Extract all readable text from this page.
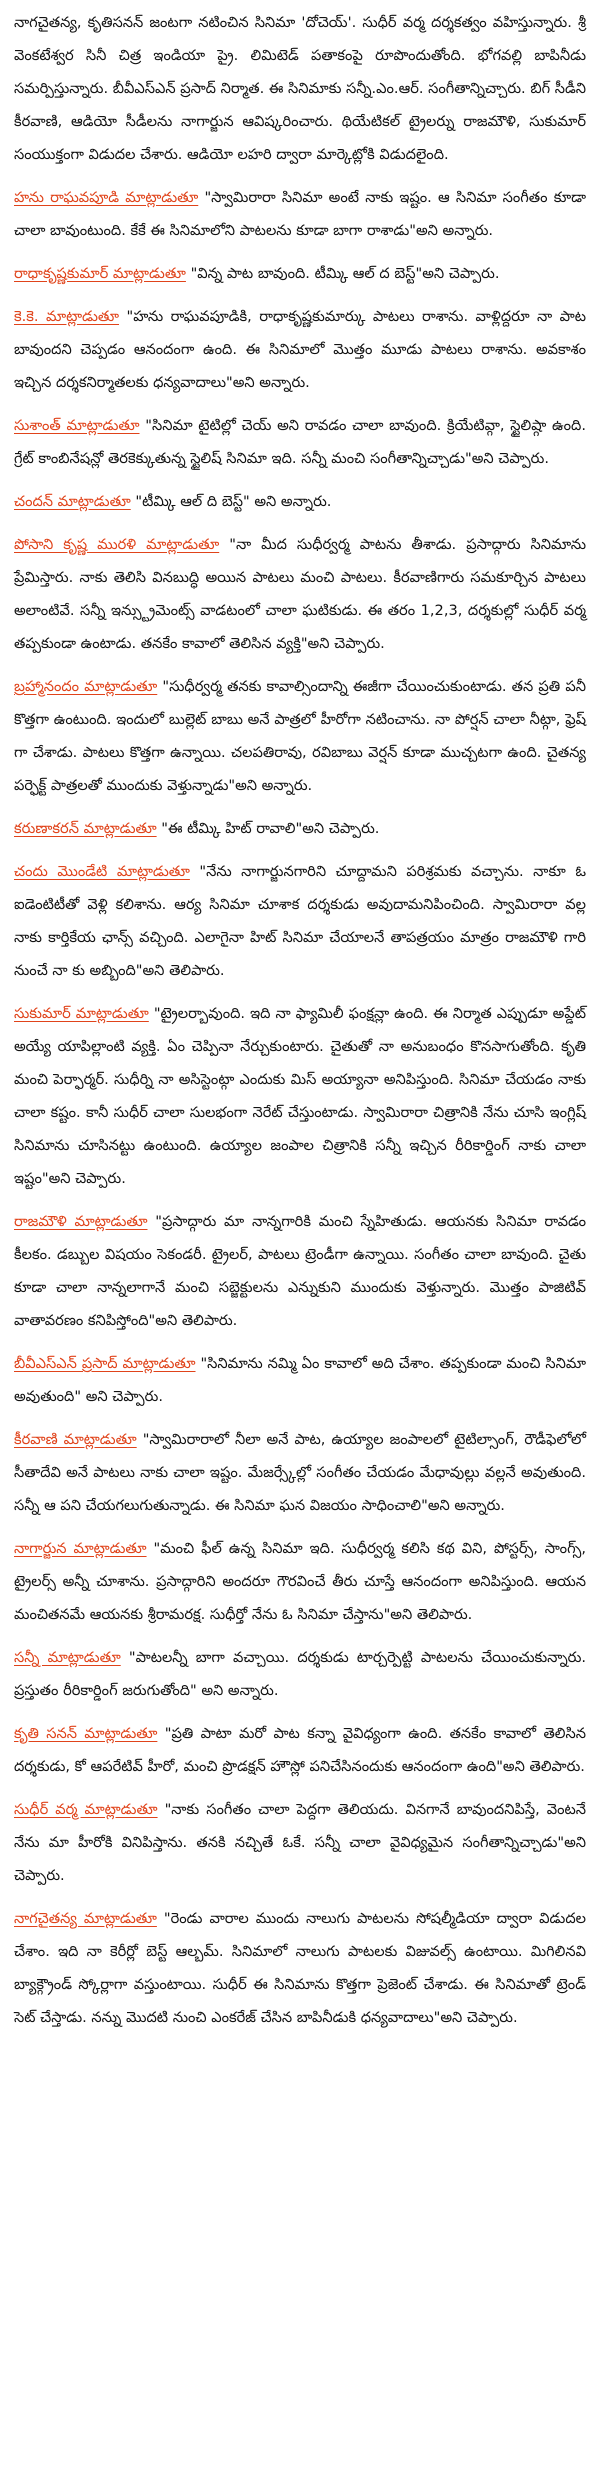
నాగచైతన్య, కృతిసనన్ జంటగా నటించిన సినిమా 'దోచెయ్'. సుధీర్ వర్మ దర్శకత్వం వహిస్తున్నారు. శ్రీ వెంకటేశ్వర సినీ చిత్ర ఇండియా ప్రై. లిమిటెడ్ పతాకంపై రూపొందుతోంది. భోగవల్లి బాపినీడు సమర్పిస్తున్నారు. బీవీఎస్ఎన్ ప్రసాద్ నిర్మాత. ఈ సినిమాకు సన్నీ.ఎం.ఆర్. సంగీతాన్నిచ్చారు. బిగ్ సీడీని కీరవాణి, ఆడియో సీడీలను నాగార్జున ఆవిష్కరించారు. థియేటికల్ ట్రైలర్ను రాజమౌళి, సుకుమార్ సంయుక్తంగా విడుదల చేశారు. ఆడియో లహరి ద్వారా మార్కెట్లోకి విడుదలైంది.

హను రాఘవపూడి మాట్లాడుతూ "స్వామిరారా సినిమా అంటే నాకు ఇష్టం. ఆ సినిమా సంగీతం కూడా చాలా బావుంటుంది. కేకే ఈ సినిమాలోని పాటలను కూడా బాగా రాశాడు"అని అన్నారు.

రాధాకృష్ణకుమార్ మాట్లాడుతూ "విన్న పాట బావుంది. టీమ్కి ఆల్ ద బెస్ట్"అని చెప్పారు.

కె.కె. మాట్లాడుతూ "హను రాఘవపూడికి, రాధాకృష్ణకుమార్కు పాటలు రాశాను. వాళ్లిద్దరూ నా పాట బావుందని చెప్పడం ఆనందంగా ఉంది. ఈ సినిమాలో మొత్తం మూడు పాటలు రాశాను. అవకాశం ఇచ్చిన దర్శకనిర్మాతలకు ధన్యవాదాలు"అని అన్నారు.

సుశాంత్ మాట్లాడుతూ "సినిమా టైటిల్లో చెయ్ అని రావడం చాలా బావుంది. క్రియేటివ్గా, స్టైలిష్గా ఉంది. గ్రేట్ కాంబినేషన్లో తెరకెక్కుతున్న స్టైలిష్ సినిమా ఇది. సన్నీ మంచి సంగీతాన్నిచ్చాడు"అని చెప్పారు.

చందన్ మాట్లాడుతూ "టీమ్కి ఆల్ ది బెస్ట్" అని అన్నారు.

పోసాని కృష్ణ మురళి మాట్లాడుతూ "నా మీద సుధీర్వర్మ పాటను తీశాడు. ప్రసాద్గారు సినిమాను ప్రేమిస్తారు. నాకు తెలిసి వినబుద్ధి అయిన పాటలు మంచి పాటలు. కీరవాణిగారు సమకూర్చిన పాటలు అలాంటివే. సన్నీ ఇన్స్ట్రుమెంట్స్ వాడటంలో చాలా ఘటికుడు. ఈ తరం 1,2,3, దర్శకుల్లో సుధీర్ వర్మ తప్పకుండా ఉంటాడు. తనకేం కావాలో తెలిసిన వ్యక్తి"అని చెప్పారు.

బ్రహ్మానందం మాట్లాడుతూ "సుధీర్వర్మ తనకు కావాల్సిందాన్ని ఈజీగా చేయించుకుంటాడు. తన ప్రతి పనీ కొత్తగా ఉంటుంది. ఇందులో బుల్లెట్ బాబు అనే పాత్రలో హీరోగా నటించాను. నా పోర్షన్ చాలా నీట్గా, ఫ్రెష్ గా చేశాడు. పాటలు కొత్తగా ఉన్నాయి. చలపతిరావు, రవిబాబు వెర్షన్ కూడా ముచ్చటగా ఉంది. చైతన్య పర్ఫెక్ట్ పాత్రలతో ముందుకు వెళ్తున్నాడు"అని అన్నారు.

కరుణాకరన్ మాట్లాడుతూ "ఈ టీమ్కి హిట్ రావాలి"అని చెప్పారు.

చందు మొండేటి మాట్లాడుతూ "నేను నాగార్జునగారిని చూద్దామని పరిశ్రమకు వచ్చాను. నాకూ ఓ ఐడెంటిటీతో వెళ్లి కలిశాను. ఆర్య సినిమా చూశాక దర్శకుడు అవుదామనిపించింది. స్వామిరారా వల్ల నాకు కార్తికేయ ఛాన్స్ వచ్చింది. ఎలాగైనా హిట్ సినిమా చేయాలనే తాపత్రయం మాత్రం రాజమౌళి గారి నుంచే నా కు అబ్బింది"అని తెలిపారు.

సుకుమార్ మాట్లాడుతూ "ట్రైలర్బావుంది. ఇది నా ఫ్యామిలీ ఫంక్షన్లా ఉంది. ఈ నిర్మాత ఎప్పుడూ అప్డేట్ అయ్యే యాపిల్లాంటి వ్యక్తి. ఏం చెప్పినా నేర్చుకుంటారు. చైతుతో నా అనుబంధం కొనసాగుతోంది. కృతి మంచి పెర్ఫార్మర్. సుధీర్ని నా అసిస్టెంట్గా ఎందుకు మిస్ అయ్యానా అనిపిస్తుంది. సినిమా చేయడం నాకు చాలా కష్టం. కానీ సుధీర్ చాలా సులభంగా నెరేట్ చేస్తుంటాడు. స్వామిరారా చిత్రానికి నేను చూసి ఇంగ్లిష్ సినిమాను చూసినట్టు ఉంటుంది. ఉయ్యాల జంపాల చిత్రానికి సన్నీ ఇచ్చిన రీరికార్డింగ్ నాకు చాలా ఇష్టం"అని చెప్పారు.

రాజమౌళి మాట్లాడుతూ "ప్రసాద్గారు మా నాన్నగారికి మంచి స్నేహితుడు. ఆయనకు సినిమా రావడం కీలకం. డబ్బుల విషయం సెకండరీ. ట్రైలర్, పాటలు ట్రెండీగా ఉన్నాయి. సంగీతం చాలా బావుంది. చైతు కూడా చాలా నాన్నలాగానే మంచి సబ్జెక్టులను ఎన్నుకుని ముందుకు వెళ్తున్నారు. మొత్తం పాజిటివ్ వాతావరణం కనిపిస్తోంది"అని తెలిపారు.

బీవీఎస్ఎన్ ప్రసాద్ మాట్లాడుతూ "సినిమాను నమ్మి ఏం కావాలో అది చేశాం. తప్పకుండా మంచి సినిమా అవుతుంది" అని చెప్పారు.

కీరవాణి మాట్లాడుతూ "స్వామిరారాలో నీలా అనే పాట, ఉయ్యాల జంపాలలో టైటిల్సాంగ్, రౌడీఫెలోలో సీతాదేవి అనే పాటలు నాకు చాలా ఇష్టం. మేజర్స్కేల్లో సంగీతం చేయడం మేధావుల్లు వల్లనే అవుతుంది. సన్నీ ఆ పని చేయగలుగుతున్నాడు. ఈ సినిమా ఘన విజయం సాధించాలి"అని అన్నారు.

నాగార్జున మాట్లాడుతూ "మంచి ఫీల్ ఉన్న సినిమా ఇది. సుధీర్వర్మ కలిసి కథ విని, పోస్టర్స్, సాంగ్స్, ట్రైలర్స్ అన్నీ చూశాను. ప్రసాద్గారిని అందరూ గౌరవించే తీరు చూస్తే ఆనందంగా అనిపిస్తుంది. ఆయన మంచితనమే ఆయనకు శ్రీరామరక్ష. సుధీర్తో నేను ఓ సినిమా చేస్తాను"అని తెలిపారు.

సన్నీ మాట్లాడుతూ "పాటలన్నీ బాగా వచ్చాయి. దర్శకుడు టార్చర్పెట్టి పాటలను చేయించుకున్నారు. ప్రస్తుతం రీరికార్డింగ్ జరుగుతోంది" అని అన్నారు.

కృతి సనన్ మాట్లాడుతూ "ప్రతి పాటా మరో పాట కన్నా వైవిధ్యంగా ఉంది. తనకేం కావాలో తెలిసిన దర్శకుడు, కో ఆపరేటివ్ హీరో, మంచి ప్రొడక్షన్ హౌస్లో పనిచేసినందుకు ఆనందంగా ఉంది"అని తెలిపారు.

సుధీర్ వర్మ మాట్లాడుతూ "నాకు సంగీతం చాలా పెద్దగా తెలియదు. వినగానే బావుందనిపిస్తే, వెంటనే నేను మా హీరోకి వినిపిస్తాను. తనకి నచ్చితే ఓకే. సన్నీ చాలా వైవిధ్యమైన సంగీతాన్నిచ్చాడు"అని చెప్పారు.

నాగచైతన్య మాట్లాడుతూ "రెండు వారాల ముందు నాలుగు పాటలను సోషల్మీడియా ద్వారా విడుదల చేశాం. ఇది నా కెరీర్లో బెస్ట్ ఆల్బమ్. సినిమాలో నాలుగు పాటలకు విజువల్స్ ఉంటాయి. మిగిలినవి బ్యాక్గ్రౌండ్ స్కోర్లాగా వస్తుంటాయి. సుధీర్ ఈ సినిమాను కొత్తగా ప్రెజెంట్ చేశాడు. ఈ సినిమాతో ట్రెండ్ సెట్ చేస్తాడు. నన్ను మొదటి నుంచి ఎంకరేజ్ చేసిన బాపినీడుకి ధన్యవాదాలు"అని చెప్పారు.
